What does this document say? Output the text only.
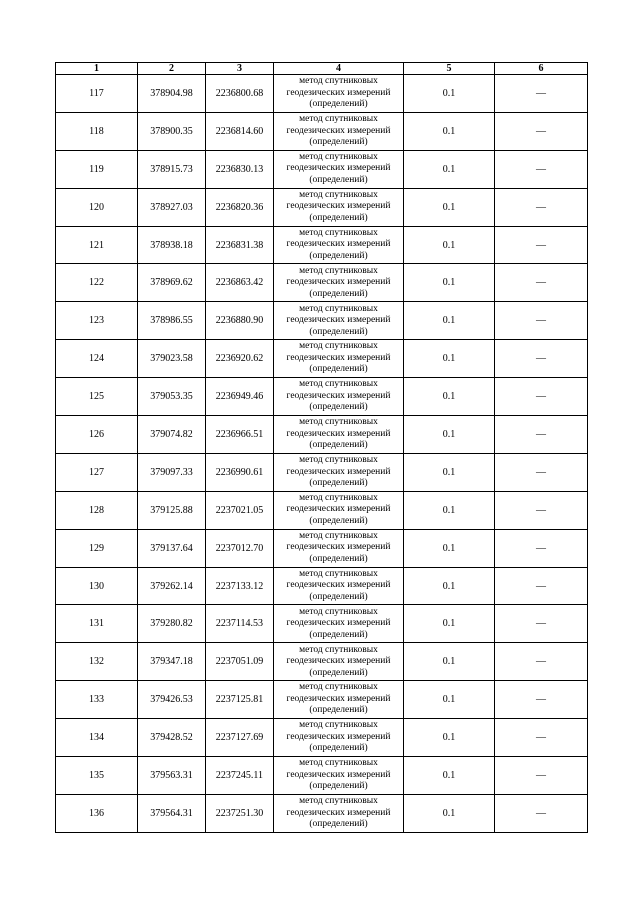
1	2	3	4	5	6
117	378904.98	2236800.68	метод спутниковых
геодезических измерений
(определений)	0.1	—
118	378900.35	2236814.60	метод спутниковых
геодезических измерений
(определений)	0.1	—
119	378915.73	2236830.13	метод спутниковых
геодезических измерений
(определений)	0.1	—
120	378927.03	2236820.36	метод спутниковых
геодезических измерений
(определений)	0.1	—
121	378938.18	2236831.38	метод спутниковых
геодезических измерений
(определений)	0.1	—
122	378969.62	2236863.42	метод спутниковых
геодезических измерений
(определений)	0.1	—
123	378986.55	2236880.90	метод спутниковых
геодезических измерений
(определений)	0.1	—
124	379023.58	2236920.62	метод спутниковых
геодезических измерений
(определений)	0.1	—
125	379053.35	2236949.46	метод спутниковых
геодезических измерений
(определений)	0.1	—
126	379074.82	2236966.51	метод спутниковых
геодезических измерений
(определений)	0.1	—
127	379097.33	2236990.61	метод спутниковых
геодезических измерений
(определений)	0.1	—
128	379125.88	2237021.05	метод спутниковых
геодезических измерений
(определений)	0.1	—
129	379137.64	2237012.70	метод спутниковых
геодезических измерений
(определений)	0.1	—
130	379262.14	2237133.12	метод спутниковых
геодезических измерений
(определений)	0.1	—
131	379280.82	2237114.53	метод спутниковых
геодезических измерений
(определений)	0.1	—
132	379347.18	2237051.09	метод спутниковых
геодезических измерений
(определений)	0.1	—
133	379426.53	2237125.81	метод спутниковых
геодезических измерений
(определений)	0.1	—
134	379428.52	2237127.69	метод спутниковых
геодезических измерений
(определений)	0.1	—
135	379563.31	2237245.11	метод спутниковых
геодезических измерений
(определений)	0.1	—
136	379564.31	2237251.30	метод спутниковых
геодезических измерений
(определений)	0.1	—
